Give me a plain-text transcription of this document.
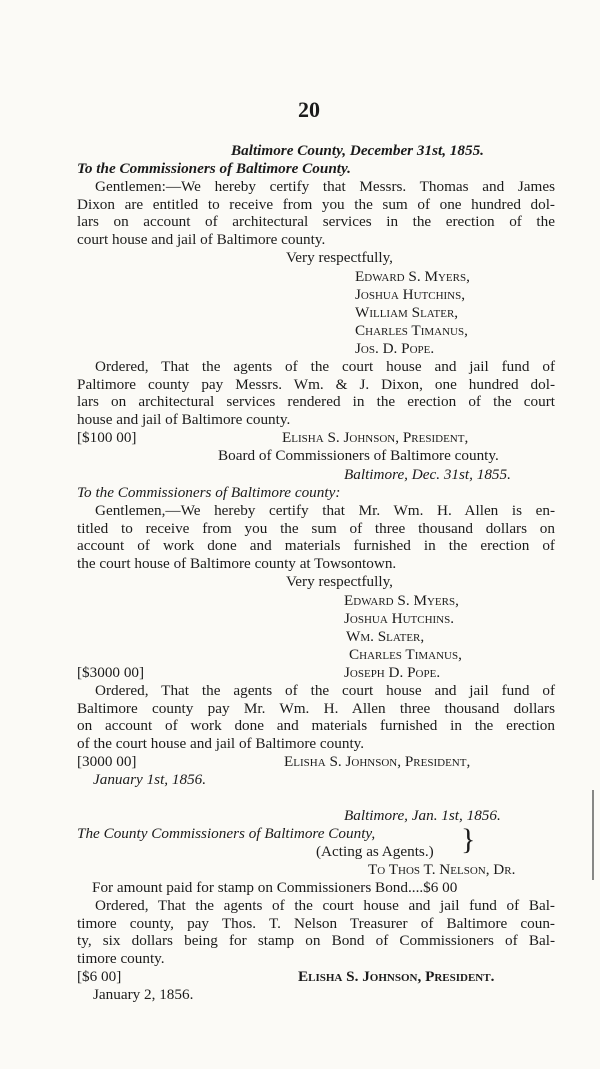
20
Baltimore County, December 31st, 1855.
To the Commissioners of Baltimore County.
Gentlemen:—We hereby certify that Messrs. Thomas and James
Dixon are entitled to receive from you the sum of one hundred dol-
lars on account of architectural services in the erection of the
court house and jail of Baltimore county.
Very respectfully,
Edward S. Myers,
Joshua Hutchins,
William Slater,
Charles Timanus,
Jos. D. Pope.
Ordered, That the agents of the court house and jail fund of
Paltimore county pay Messrs. Wm. & J. Dixon, one hundred dol-
lars on architectural services rendered in the erection of the court
house and jail of Baltimore county.
[$100 00]	Elisha S. Johnson, President,
Board of Commissioners of Baltimore county.
Baltimore, Dec. 31st, 1855.
To the Commissioners of Baltimore county:
Gentlemen,—We hereby certify that Mr. Wm. H. Allen is en-
titled to receive from you the sum of three thousand dollars on
account of work done and materials furnished in the erection of
the court house of Baltimore county at Towsontown.
Very respectfully,
Edward S. Myers,
Joshua Hutchins.
Wm. Slater,
Charles Timanus,
[$3000 00]	Joseph D. Pope.
Ordered, That the agents of the court house and jail fund of
Baltimore county pay Mr. Wm. H. Allen three thousand dollars
on account of work done and materials furnished in the erection
of the court house and jail of Baltimore county.
[3000 00]	Elisha S. Johnson, President,
January 1st, 1856.
Baltimore, Jan. 1st, 1856.
The County Commissioners of Baltimore County,	}
(Acting as Agents.)
To Thos T. Nelson, Dr.
For amount paid for stamp on Commissioners Bond....$6 00
Ordered, That the agents of the court house and jail fund of Bal-
timore county, pay Thos. T. Nelson Treasurer of Baltimore coun-
ty, six dollars being for stamp on Bond of Commissioners of Bal-
timore county.
[$6 00]	Elisha S. Johnson, President.
January 2, 1856.
